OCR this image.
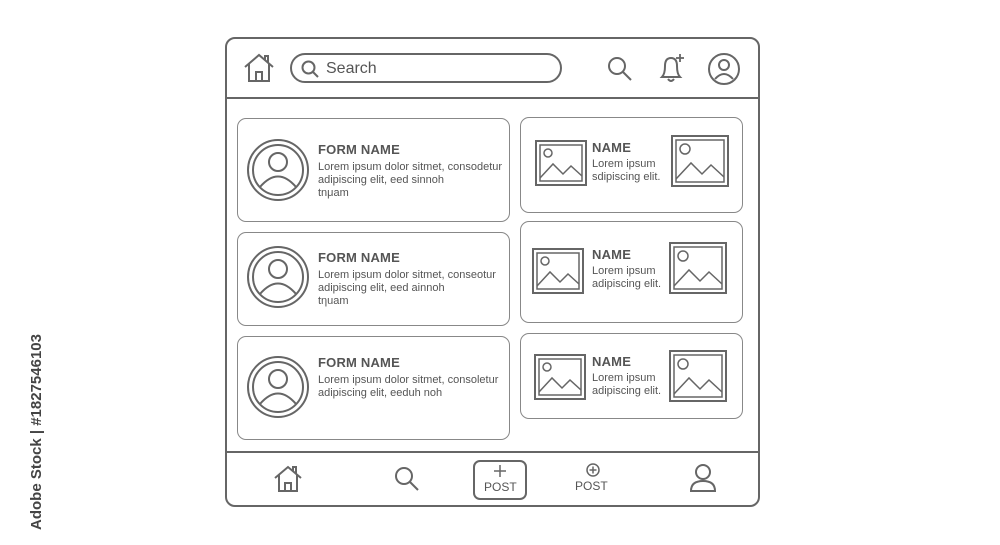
Search
FORM NAME
Lorem ipsum dolor sitmet, consodetur
adipiscing elit, eed sinnoh
tnμam
FORM NAME
Lorem ipsum dolor sitmet, conseotur
adipiscing elit, eed ainnoh
tηuam
FORM NAME
Lorem ipsum dolor sitmet, consoletur
adipiscing elit, eeduh noh
NAME
Lorem ipsum
sdipiscing elit.
NAME
Lorem ipsum
adipiscing elit.
NAME
Lorem ipsum
adipiscing elit.
POST	POST
Adobe Stock | #1827546103
